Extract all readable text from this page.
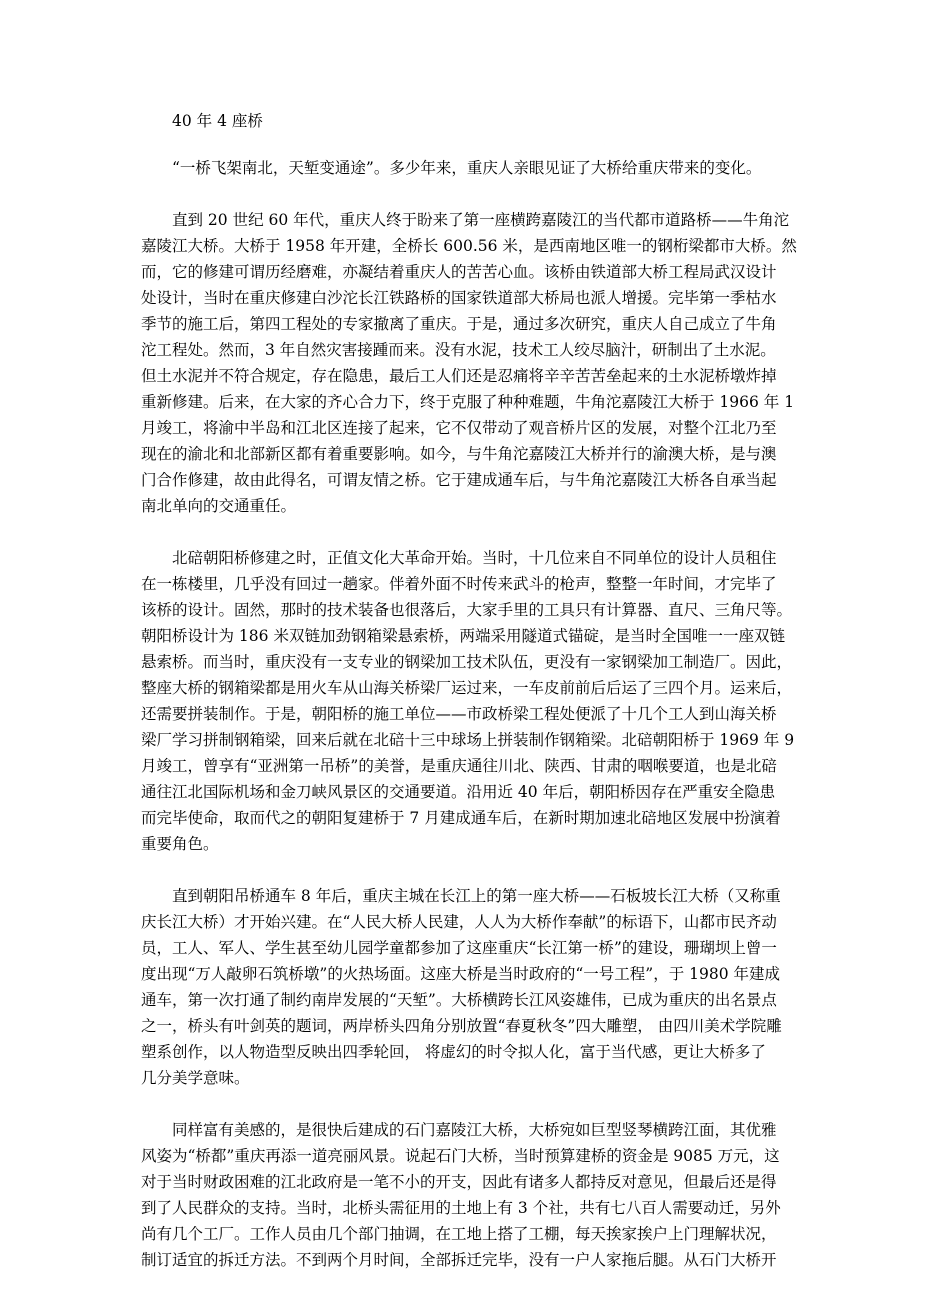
40 年 4 座桥
“一桥飞架南北，天堑变通途”。多少年来，重庆人亲眼见证了大桥给重庆带来的变化。
直到 20 世纪 60 年代，重庆人终于盼来了第一座横跨嘉陵江的当代都市道路桥——牛角沱
嘉陵江大桥。大桥于 1958 年开建，全桥长 600.56 米，是西南地区唯一的钢桁梁都市大桥。然
而，它的修建可谓历经磨难，亦凝结着重庆人的苦苦心血。该桥由铁道部大桥工程局武汉设计
处设计，当时在重庆修建白沙沱长江铁路桥的国家铁道部大桥局也派人增援。完毕第一季枯水
季节的施工后，第四工程处的专家撤离了重庆。于是，通过多次研究，重庆人自己成立了牛角
沱工程处。然而，3 年自然灾害接踵而来。没有水泥，技术工人绞尽脑汁，研制出了土水泥。
但土水泥并不符合规定，存在隐患，最后工人们还是忍痛将辛辛苦苦垒起来的土水泥桥墩炸掉
重新修建。后来，在大家的齐心合力下，终于克服了种种难题，牛角沱嘉陵江大桥于 1966 年 1
月竣工，将渝中半岛和江北区连接了起来，它不仅带动了观音桥片区的发展，对整个江北乃至
现在的渝北和北部新区都有着重要影响。如今，与牛角沱嘉陵江大桥并行的渝澳大桥，是与澳
门合作修建，故由此得名，可谓友情之桥。它于建成通车后，与牛角沱嘉陵江大桥各自承当起
南北单向的交通重任。
北碚朝阳桥修建之时，正值文化大革命开始。当时，十几位来自不同单位的设计人员租住
在一栋楼里，几乎没有回过一趟家。伴着外面不时传来武斗的枪声，整整一年时间，才完毕了
该桥的设计。固然，那时的技术装备也很落后，大家手里的工具只有计算器、直尺、三角尺等。
朝阳桥设计为 186 米双链加劲钢箱梁悬索桥，两端采用隧道式锚碇，是当时全国唯一一座双链
悬索桥。而当时，重庆没有一支专业的钢梁加工技术队伍，更没有一家钢梁加工制造厂。因此，
整座大桥的钢箱梁都是用火车从山海关桥梁厂运过来，一车皮前前后后运了三四个月。运来后，
还需要拼装制作。于是，朝阳桥的施工单位——市政桥梁工程处便派了十几个工人到山海关桥
梁厂学习拼制钢箱梁，回来后就在北碚十三中球场上拼装制作钢箱梁。北碚朝阳桥于 1969 年 9
月竣工，曾享有“亚洲第一吊桥”的美誉，是重庆通往川北、陕西、甘肃的咽喉要道，也是北碚
通往江北国际机场和金刀峡风景区的交通要道。沿用近 40 年后，朝阳桥因存在严重安全隐患
而完毕使命，取而代之的朝阳复建桥于 7 月建成通车后，在新时期加速北碚地区发展中扮演着
重要角色。
直到朝阳吊桥通车 8 年后，重庆主城在长江上的第一座大桥——石板坡长江大桥（又称重
庆长江大桥）才开始兴建。在“人民大桥人民建，人人为大桥作奉献”的标语下，山都市民齐动
员，工人、军人、学生甚至幼儿园学童都参加了这座重庆“长江第一桥”的建设，珊瑚坝上曾一
度出现“万人敲卵石筑桥墩”的火热场面。这座大桥是当时政府的“一号工程”，于 1980 年建成
通车，第一次打通了制约南岸发展的“天堑”。大桥横跨长江风姿雄伟，已成为重庆的出名景点
之一，桥头有叶剑英的题词，两岸桥头四角分别放置“春夏秋冬”四大雕塑， 由四川美术学院雕
塑系创作，以人物造型反映出四季轮回， 将虚幻的时令拟人化，富于当代感，更让大桥多了
几分美学意味。
同样富有美感的，是很快后建成的石门嘉陵江大桥，大桥宛如巨型竖琴横跨江面，其优雅
风姿为“桥都”重庆再添一道亮丽风景。说起石门大桥，当时预算建桥的资金是 9085 万元，这
对于当时财政困难的江北政府是一笔不小的开支，因此有诸多人都持反对意见，但最后还是得
到了人民群众的支持。当时，北桥头需征用的土地上有 3 个社，共有七八百人需要动迁，另外
尚有几个工厂。工作人员由几个部门抽调，在工地上搭了工棚，每天挨家挨户上门理解状况，
制订适宜的拆迁方法。不到两个月时间，全部拆迁完毕，没有一户人家拖后腿。从石门大桥开
